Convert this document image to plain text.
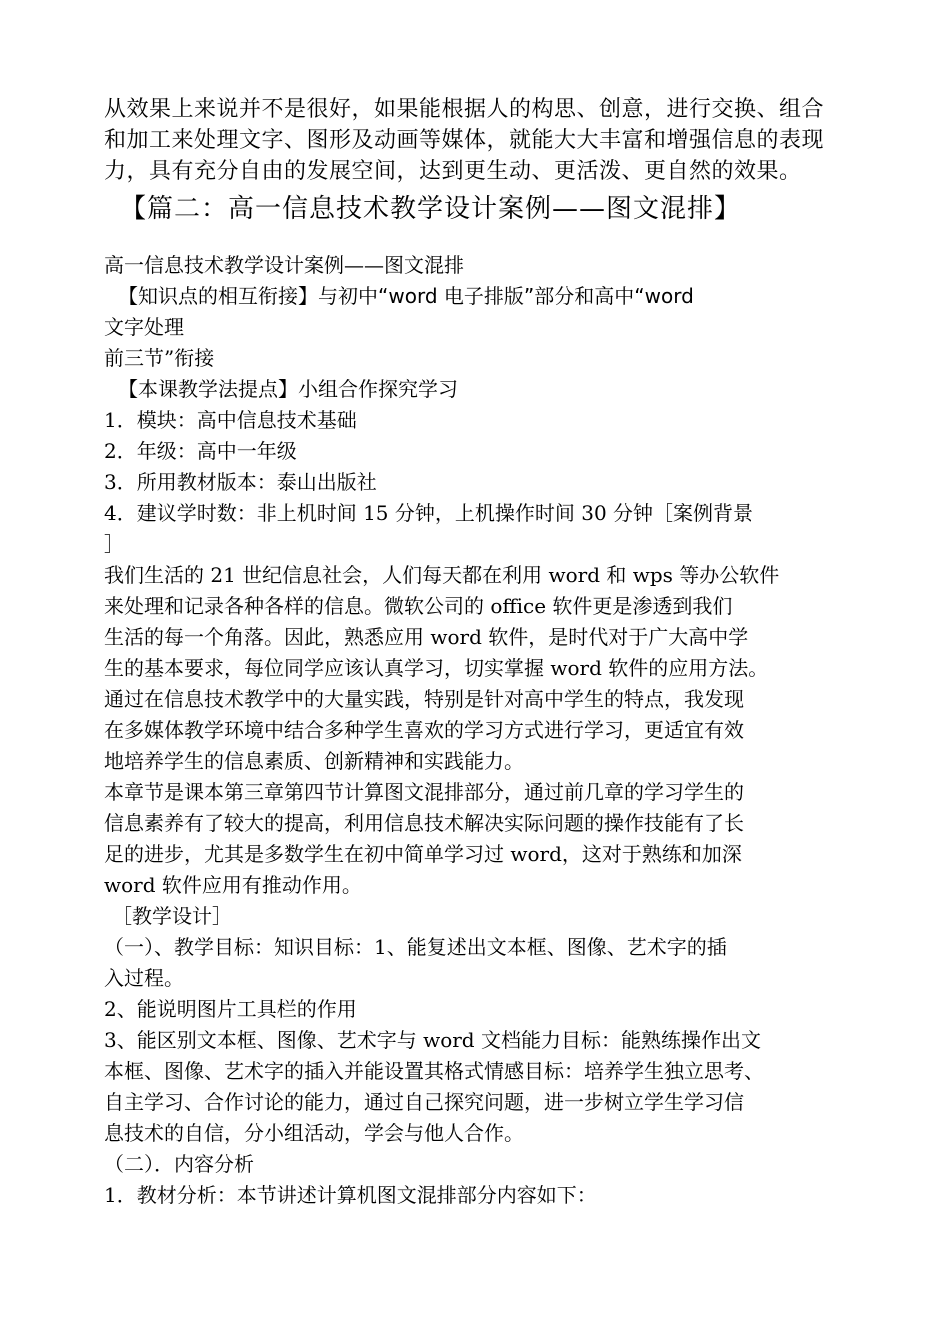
从效果上来说并不是很好，如果能根据人的构思、创意，进行交换、组合

和加工来处理文字、图形及动画等媒体，就能大大丰富和增强信息的表现

力，具有充分自由的发展空间，达到更生动、更活泼、更自然的效果。

【篇二：高一信息技术教学设计案例——图文混排】

高一信息技术教学设计案例——图文混排

【知识点的相互衔接】与初中“word 电子排版”部分和高中“word

文字处理

前三节”衔接

【本课教学法提点】小组合作探究学习

1．模块：高中信息技术基础

2．年级：高中一年级

3．所用教材版本：泰山出版社

4．建议学时数：非上机时间 15 分钟，上机操作时间 30 分钟［案例背景

］

我们生活的 21 世纪信息社会，人们每天都在利用 word 和 wps 等办公软件

来处理和记录各种各样的信息。微软公司的 office 软件更是渗透到我们

生活的每一个角落。因此，熟悉应用 word 软件，是时代对于广大高中学

生的基本要求，每位同学应该认真学习，切实掌握 word 软件的应用方法。

通过在信息技术教学中的大量实践，特别是针对高中学生的特点，我发现

在多媒体教学环境中结合多种学生喜欢的学习方式进行学习，更适宜有效

地培养学生的信息素质、创新精神和实践能力。

本章节是课本第三章第四节计算图文混排部分，通过前几章的学习学生的

信息素养有了较大的提高，利用信息技术解决实际问题的操作技能有了长

足的进步，尤其是多数学生在初中简单学习过 word，这对于熟练和加深

word 软件应用有推动作用。

［教学设计］

（一）、教学目标：知识目标：1、能复述出文本框、图像、艺术字的插

入过程。

2、能说明图片工具栏的作用

3、能区别文本框、图像、艺术字与 word 文档能力目标：能熟练操作出文

本框、图像、艺术字的插入并能设置其格式情感目标：培养学生独立思考、

自主学习、合作讨论的能力，通过自己探究问题，进一步树立学生学习信

息技术的自信，分小组活动，学会与他人合作。

（二）．内容分析

1．教材分析：本节讲述计算机图文混排部分内容如下：
